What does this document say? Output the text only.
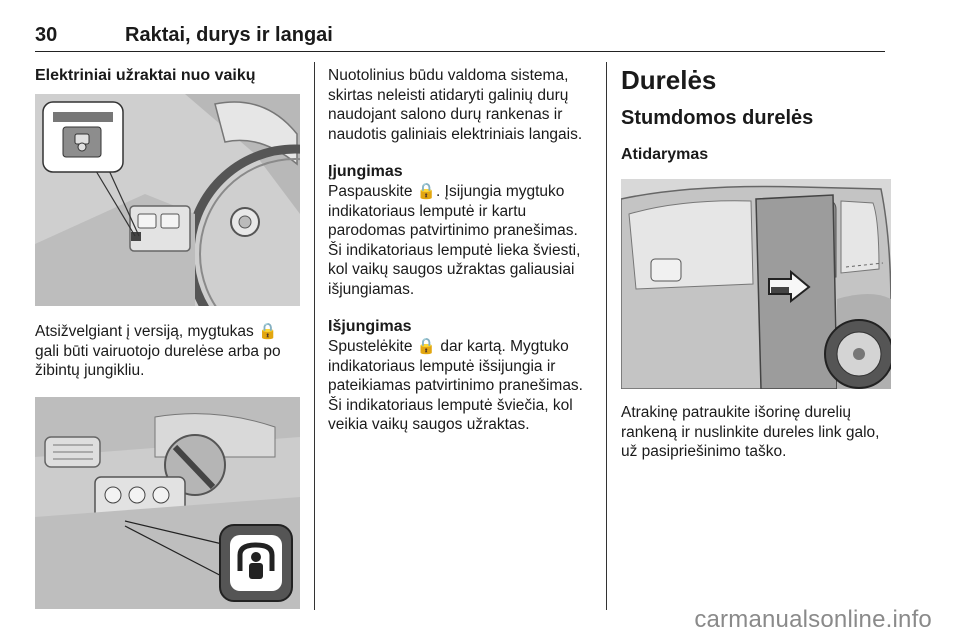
30	Raktai, durys ir langai
Elektriniai užraktai nuo vaikų
Atsižvelgiant į versiją, mygtukas 🔒 gali būti vairuotojo durelėse arba po žibintų jungikliu.
Nuotolinius būdu valdoma sistema, skirtas neleisti atidaryti galinių durų naudojant salono durų rankenas ir naudotis galiniais elektriniais langais.
Įjungimas
Paspauskite 🔒. Įsijungia mygtuko indikatoriaus lemputė ir kartu parodomas patvirtinimo pranešimas. Ši indikatoriaus lemputė lieka šviesti, kol vaikų saugos užraktas galiausiai išjungiamas.
Išjungimas
Spustelėkite 🔒 dar kartą. Mygtuko indikatoriaus lemputė išsijungia ir pateikiamas patvirtinimo pranešimas. Ši indikatoriaus lemputė šviečia, kol veikia vaikų saugos užraktas.
Durelės
Stumdomos durelės
Atidarymas
Atrakinę patraukite išorinę durelių rankeną ir nuslinkite dureles link galo, už pasipriešinimo taško.
carmanualsonline.info
